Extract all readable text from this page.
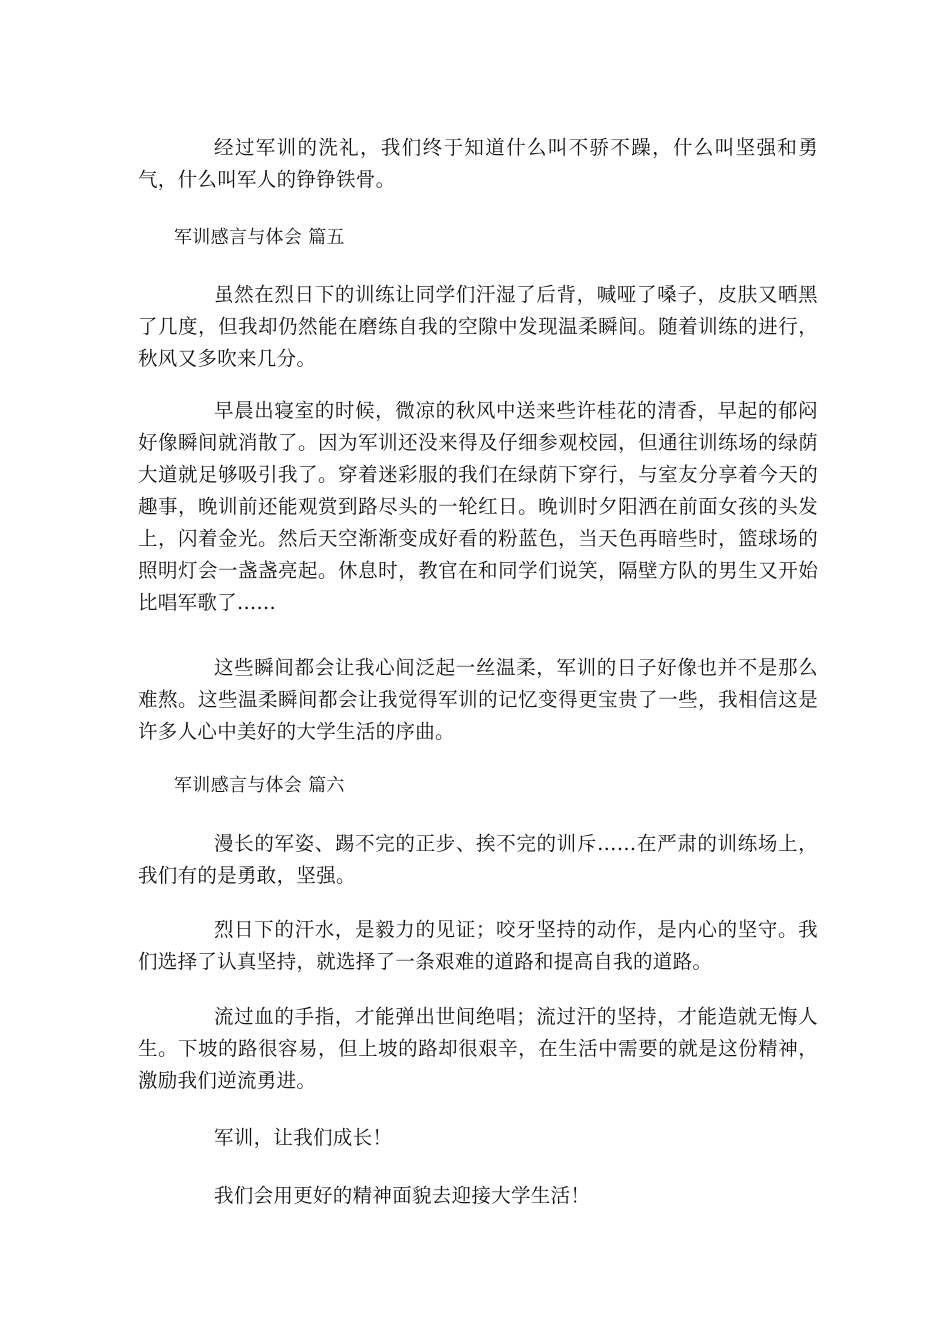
经过军训的洗礼，我们终于知道什么叫不骄不躁，什么叫坚强和勇气，什么叫军人的铮铮铁骨。

军训感言与体会 篇五

虽然在烈日下的训练让同学们汗湿了后背，喊哑了嗓子，皮肤又晒黑了几度，但我却仍然能在磨练自我的空隙中发现温柔瞬间。随着训练的进行，秋风又多吹来几分。

早晨出寝室的时候，微凉的秋风中送来些许桂花的清香，早起的郁闷好像瞬间就消散了。因为军训还没来得及仔细参观校园，但通往训练场的绿荫大道就足够吸引我了。穿着迷彩服的我们在绿荫下穿行，与室友分享着今天的趣事，晚训前还能观赏到路尽头的一轮红日。晚训时夕阳洒在前面女孩的头发上，闪着金光。然后天空渐渐变成好看的粉蓝色，当天色再暗些时，篮球场的照明灯会一盏盏亮起。休息时，教官在和同学们说笑，隔壁方队的男生又开始比唱军歌了......

这些瞬间都会让我心间泛起一丝温柔，军训的日子好像也并不是那么难熬。这些温柔瞬间都会让我觉得军训的记忆变得更宝贵了一些，我相信这是许多人心中美好的大学生活的序曲。

军训感言与体会 篇六

漫长的军姿、踢不完的正步、挨不完的训斥……在严肃的训练场上，我们有的是勇敢，坚强。

烈日下的汗水，是毅力的见证；咬牙坚持的动作，是内心的坚守。我们选择了认真坚持，就选择了一条艰难的道路和提高自我的道路。

流过血的手指，才能弹出世间绝唱；流过汗的坚持，才能造就无悔人生。下坡的路很容易，但上坡的路却很艰辛，在生活中需要的就是这份精神，激励我们逆流勇进。

军训，让我们成长！

我们会用更好的精神面貌去迎接大学生活！
